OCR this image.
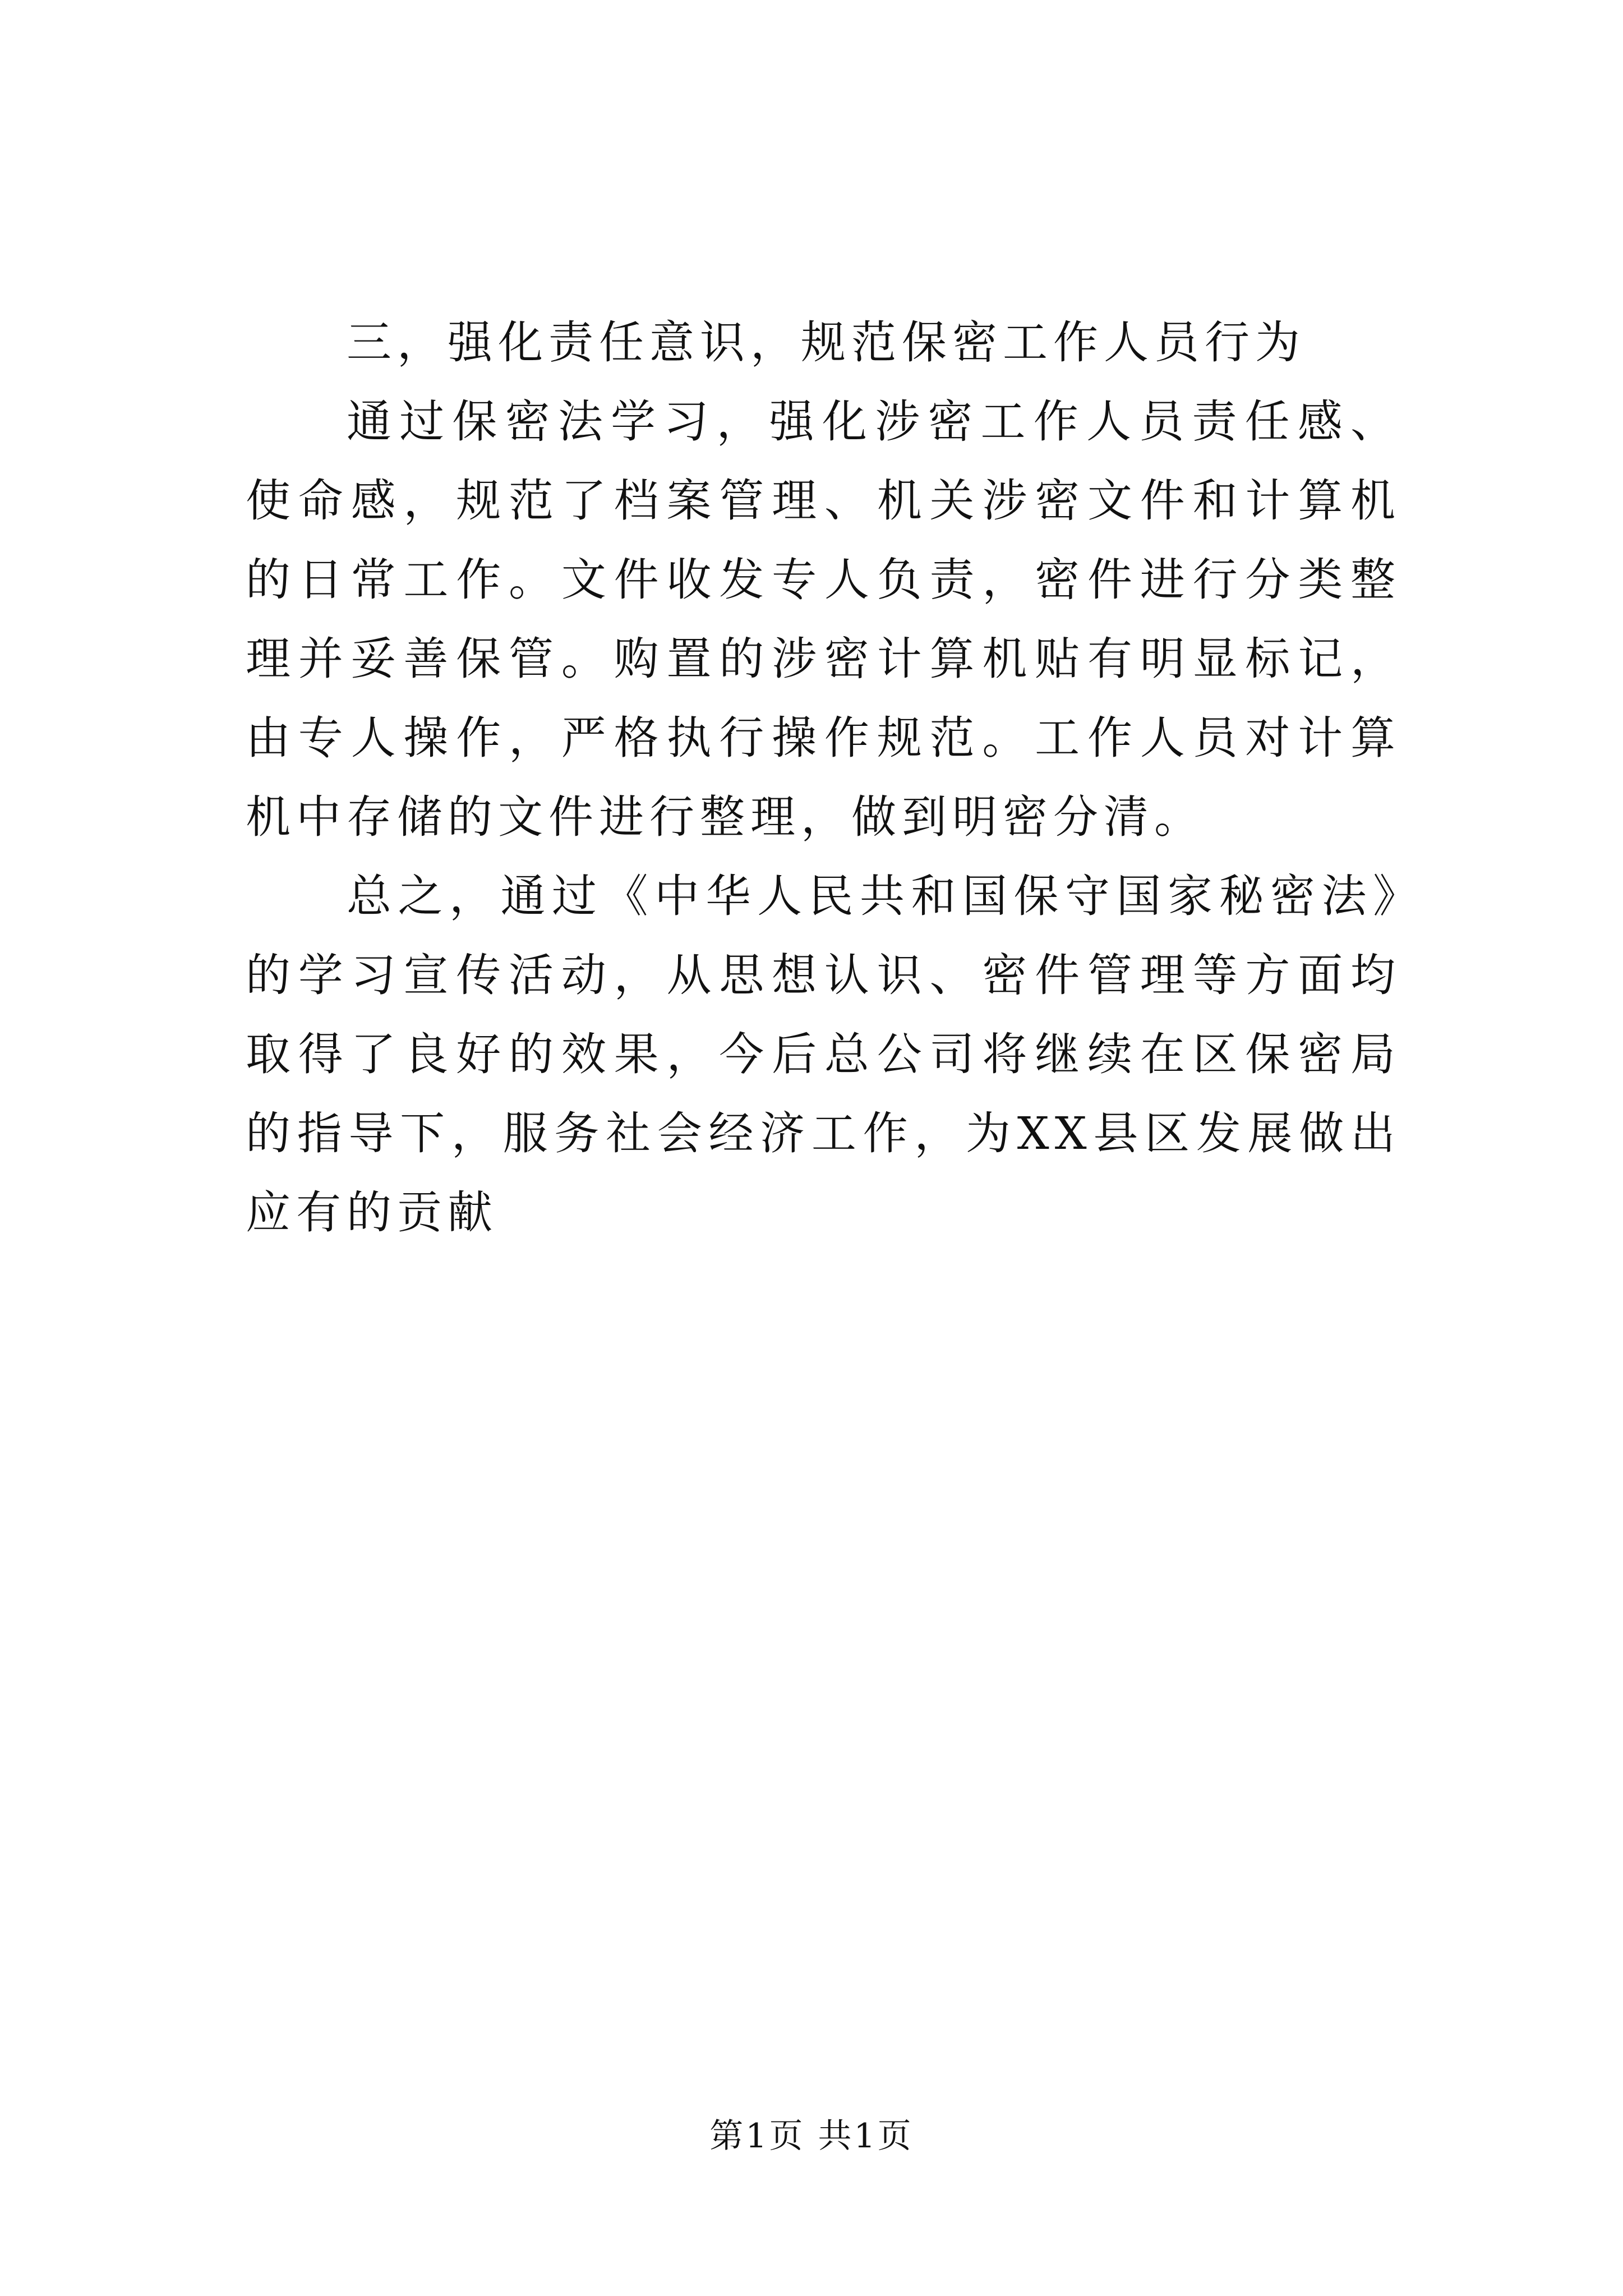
三，强化责任意识，规范保密工作人员行为

通过保密法学习，强化涉密工作人员责任感、使命感，规范了档案管理、机关涉密文件和计算机的日常工作。文件收发专人负责，密件进行分类整理并妥善保管。购置的涉密计算机贴有明显标记，由专人操作，严格执行操作规范。工作人员对计算机中存储的文件进行整理，做到明密分清。

总之，通过《中华人民共和国保守国家秘密法》的学习宣传活动，从思想认识、密件管理等方面均取得了良好的效果，今后总公司将继续在区保密局的指导下，服务社会经济工作，为XX县区发展做出应有的贡献

第1页 共1页
